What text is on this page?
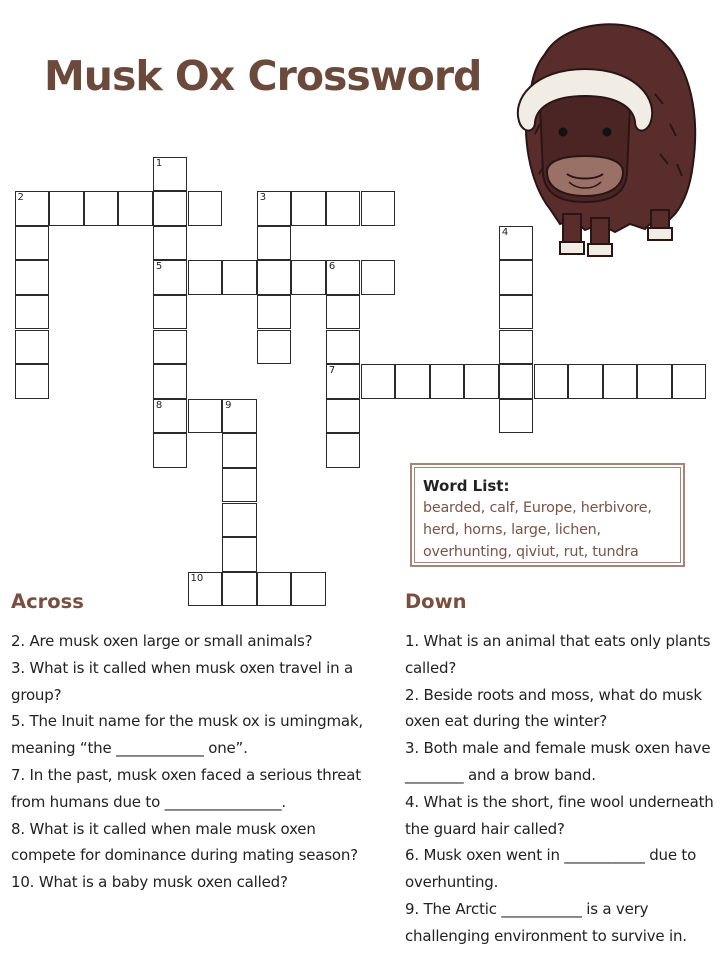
Musk Ox Crossword
1
5
8
2	3
4
6
7
9
10
Word List:
bearded, calf, Europe, herbivore, herd, horns, large, lichen, overhunting, qiviut, rut, tundra
Across	Down
2. Are musk oxen large or small animals?
3. What is it called when musk oxen travel in a group?
5. The Inuit name for the musk ox is umingmak, meaning “the ____________ one”.
7. In the past, musk oxen faced a serious threat from humans due to ________________.
8. What is it called when male musk oxen compete for dominance during mating season?
10. What is a baby musk oxen called?
1. What is an animal that eats only plants called?
2. Beside roots and moss, what do musk oxen eat during the winter?
3. Both male and female musk oxen have ________ and a brow band.
4. What is the short, fine wool underneath the guard hair called?
6. Musk oxen went in ___________ due to overhunting.
9. The Arctic ___________ is a very challenging environment to survive in.
